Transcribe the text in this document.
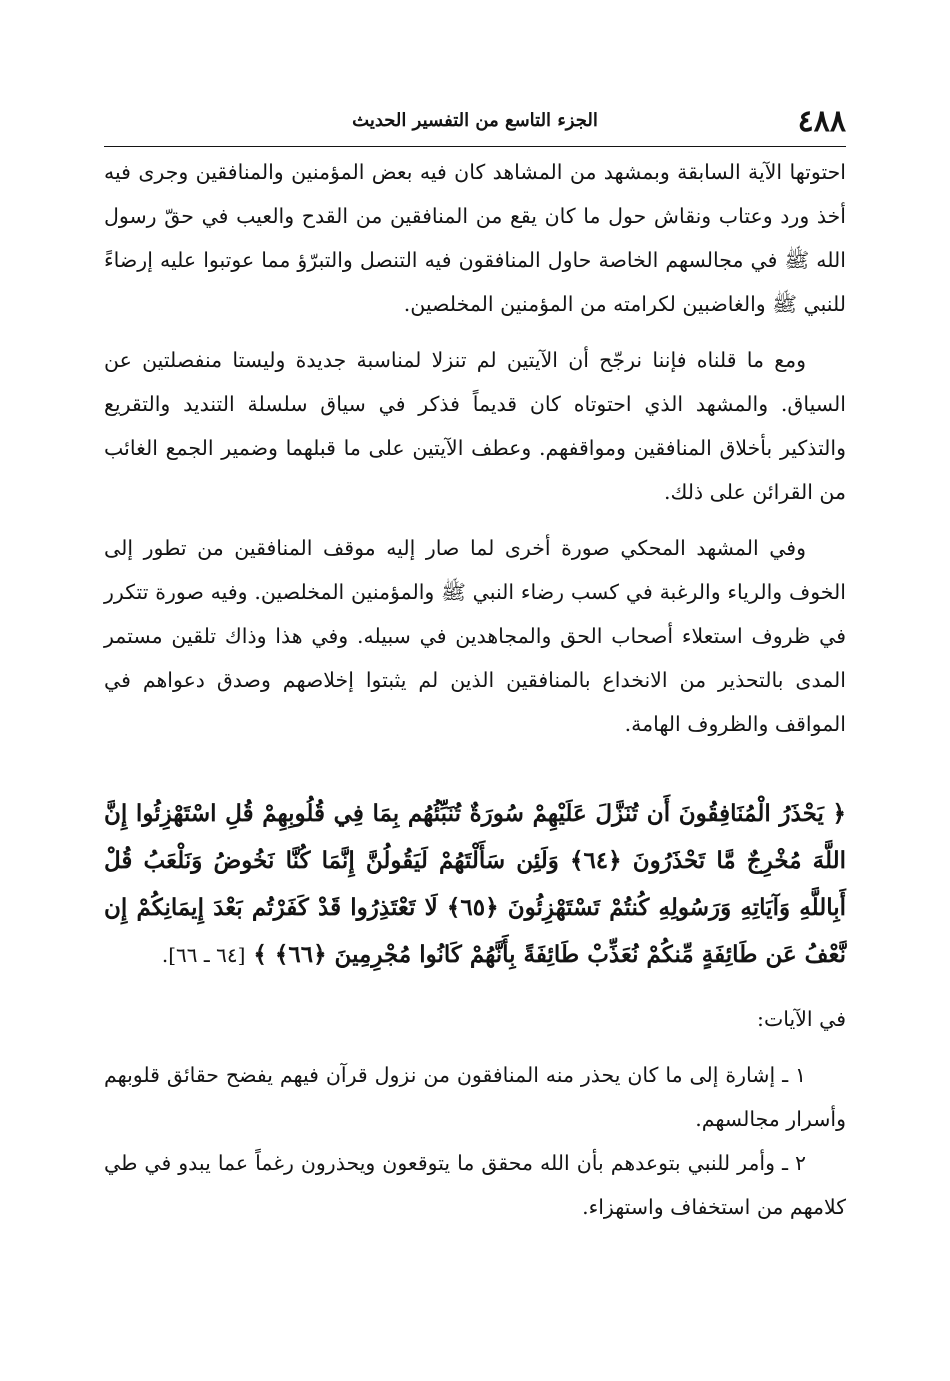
٤٨٨
الجزء التاسع من التفسير الحديث

احتوتها الآية السابقة وبمشهد من المشاهد كان فيه بعض المؤمنين والمنافقين وجرى فيه أخذ ورد وعتاب ونقاش حول ما كان يقع من المنافقين من القدح والعيب في حقّ رسول الله ﷺ في مجالسهم الخاصة حاول المنافقون فيه التنصل والتبرّؤ مما عوتبوا عليه إرضاءً للنبي ﷺ والغاضبين لكرامته من المؤمنين المخلصين.

ومع ما قلناه فإننا نرجّح أن الآيتين لم تنزلا لمناسبة جديدة وليستا منفصلتين عن السياق. والمشهد الذي احتوتاه كان قديماً فذكر في سياق سلسلة التنديد والتقريع والتذكير بأخلاق المنافقين ومواقفهم. وعطف الآيتين على ما قبلهما وضمير الجمع الغائب من القرائن على ذلك.

وفي المشهد المحكي صورة أخرى لما صار إليه موقف المنافقين من تطور إلى الخوف والرياء والرغبة في كسب رضاء النبي ﷺ والمؤمنين المخلصين. وفيه صورة تتكرر في ظروف استعلاء أصحاب الحق والمجاهدين في سبيله. وفي هذا وذاك تلقين مستمر المدى بالتحذير من الانخداع بالمنافقين الذين لم يثبتوا إخلاصهم وصدق دعواهم في المواقف والظروف الهامة.

﴿ يَحْذَرُ الْمُنَافِقُونَ أَن تُنَزَّلَ عَلَيْهِمْ سُورَةٌ تُنَبِّئُهُم بِمَا فِي قُلُوبِهِمْ قُلِ اسْتَهْزِئُوا إِنَّ اللَّهَ مُخْرِجٌ مَّا تَحْذَرُونَ ﴿٦٤﴾ وَلَئِن سَأَلْتَهُمْ لَيَقُولُنَّ إِنَّمَا كُنَّا نَخُوضُ وَنَلْعَبُ قُلْ أَبِاللَّهِ وَآيَاتِهِ وَرَسُولِهِ كُنتُمْ تَسْتَهْزِئُونَ ﴿٦٥﴾ لَا تَعْتَذِرُوا قَدْ كَفَرْتُم بَعْدَ إِيمَانِكُمْ إِن نَّعْفُ عَن طَائِفَةٍ مِّنكُمْ نُعَذِّبْ طَائِفَةً بِأَنَّهُمْ كَانُوا مُجْرِمِينَ ﴿٦٦﴾ ﴾ [٦٤ ـ ٦٦].

في الآيات:

١ ـ إشارة إلى ما كان يحذر منه المنافقون من نزول قرآن فيهم يفضح حقائق قلوبهم وأسرار مجالسهم.

٢ ـ وأمر للنبي بتوعدهم بأن الله محقق ما يتوقعون ويحذرون رغماً عما يبدو في طي كلامهم من استخفاف واستهزاء.
